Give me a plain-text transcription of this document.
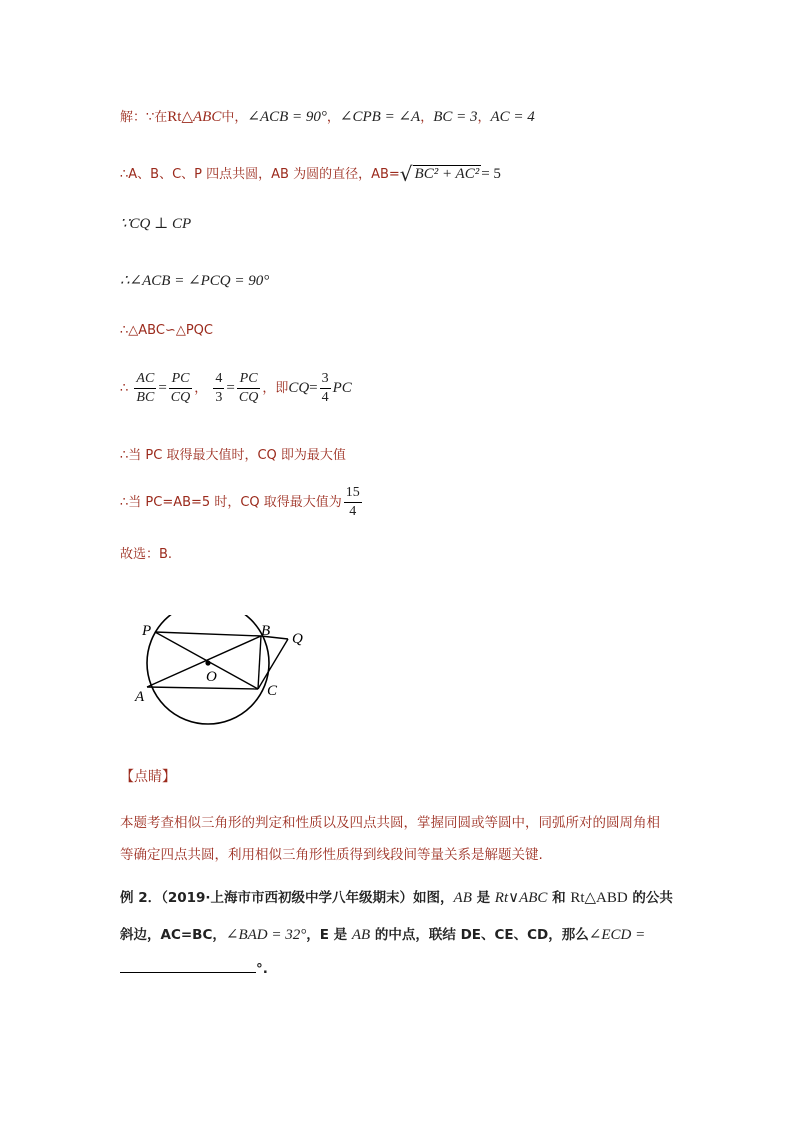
解：∵在Rt△ABC中，∠ACB = 90°，∠CPB = ∠A，BC = 3，AC = 4
∴A、B、C、P 四点共圆，AB 为圆的直径，AB=√ BC² + AC² = 5
∵CQ ⊥ CP
∴∠ACB = ∠PCQ = 90°
∴△ABC∽△PQC
∴ $\frac{AC}{BC} = \frac{PC}{CQ}$ ， $\frac{4}{3} = \frac{PC}{CQ}$ ，即$CQ= \frac{3}{4}$ PC
∴当 PC 取得最大值时，CQ 即为最大值
∴当 PC=AB=5 时，CQ 取得最大值为 $\frac{15}{4}$
故选：B.
P	B Q
O
A	C
【点睛】
本题考查相似三角形的判定和性质以及四点共圆，掌握同圆或等圆中，同弧所对的圆周角相
等确定四点共圆，利用相似三角形性质得到线段间等量关系是解题关键.
例 2．（2019·上海市市西初级中学八年级期末）如图，AB 是 Rt∨ABC 和 Rt△ABD 的公共
斜边，AC=BC，∠BAD = 32°，E 是 AB 的中点，联结 DE、CE、CD，那么∠ECD =
°.
